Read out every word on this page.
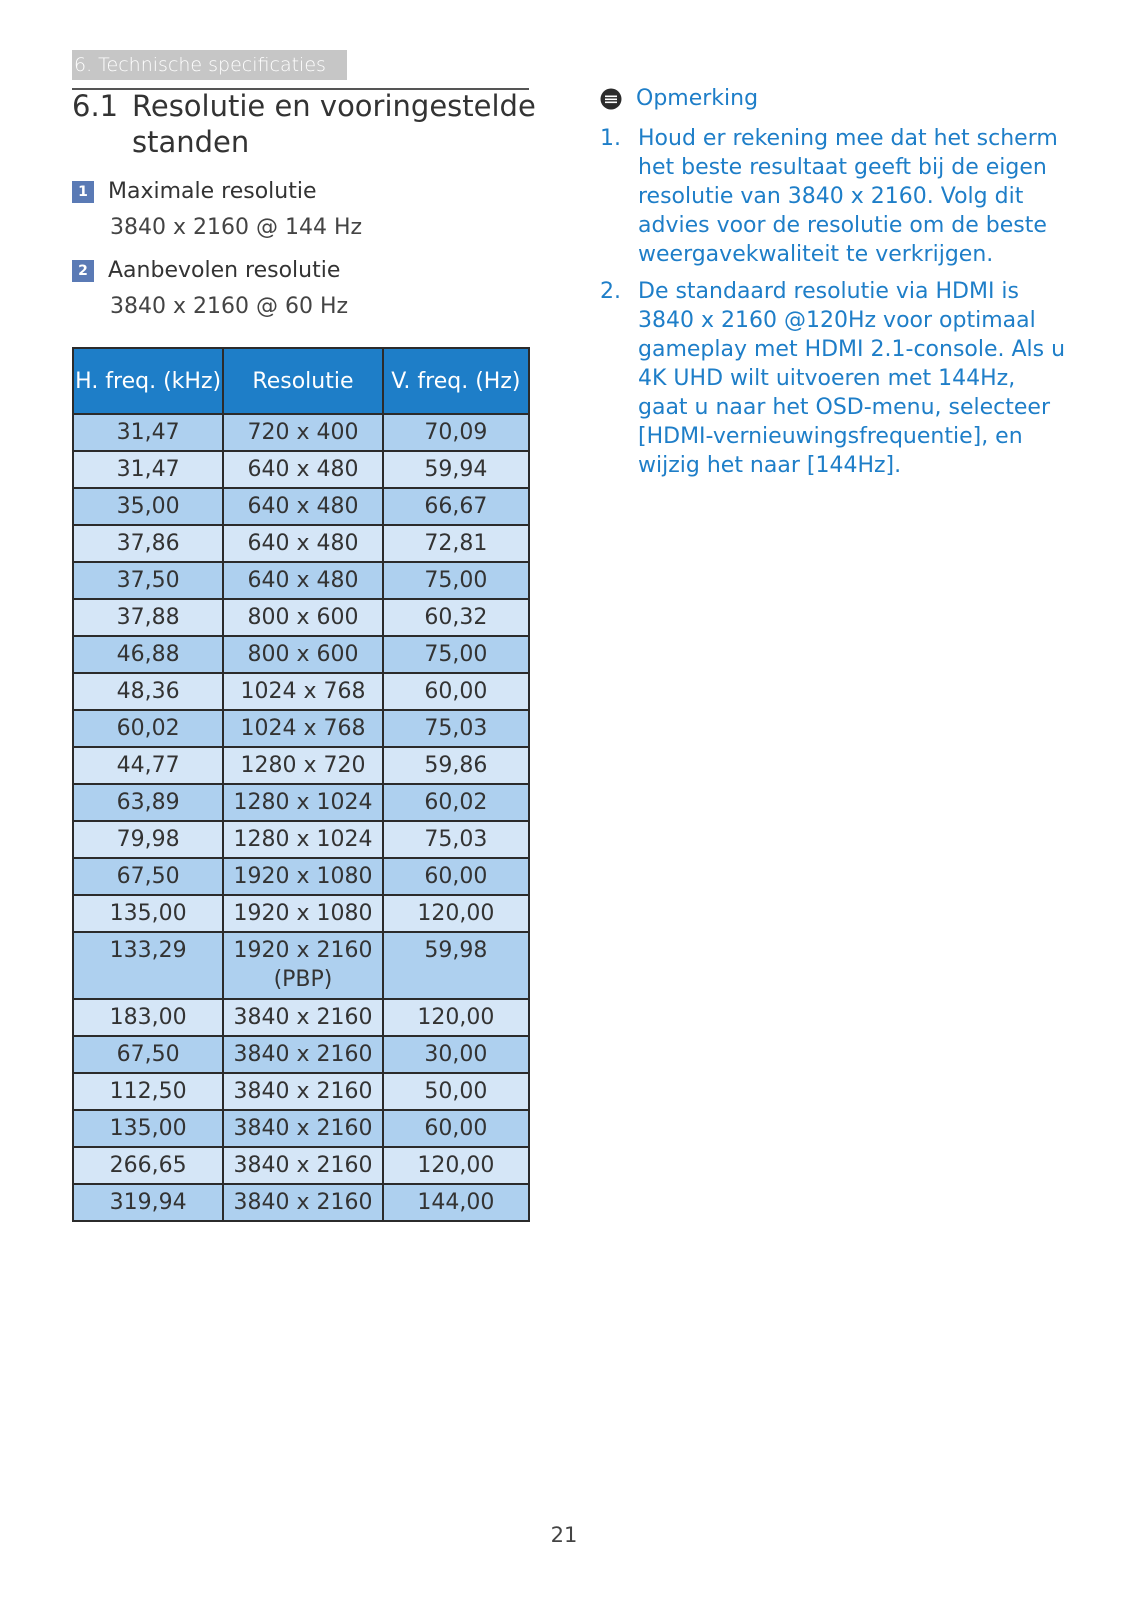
6. Technische specificaties
6.1 Resolutie en vooringestelde standen
1 Maximale resolutie
3840 x 2160 @ 144 Hz
2 Aanbevolen resolutie
3840 x 2160 @ 60 Hz
H. freq. (kHz)	Resolutie	V. freq. (Hz)
31,47	720 x 400	70,09
31,47	640 x 480	59,94
35,00	640 x 480	66,67
37,86	640 x 480	72,81
37,50	640 x 480	75,00
37,88	800 x 600	60,32
46,88	800 x 600	75,00
48,36	1024 x 768	60,00
60,02	1024 x 768	75,03
44,77	1280 x 720	59,86
63,89	1280 x 1024	60,02
79,98	1280 x 1024	75,03
67,50	1920 x 1080	60,00
135,00	1920 x 1080	120,00
133,29	1920 x 2160 (PBP)	59,98
183,00	3840 x 2160	120,00
67,50	3840 x 2160	30,00
112,50	3840 x 2160	50,00
135,00	3840 x 2160	60,00
266,65	3840 x 2160	120,00
319,94	3840 x 2160	144,00
Opmerking
1. Houd er rekening mee dat het scherm het beste resultaat geeft bij de eigen resolutie van 3840 x 2160. Volg dit advies voor de resolutie om de beste weergavekwaliteit te verkrijgen.
2. De standaard resolutie via HDMI is 3840 x 2160 @120Hz voor optimaal gameplay met HDMI 2.1-console. Als u 4K UHD wilt uitvoeren met 144Hz, gaat u naar het OSD-menu, selecteer [HDMI-vernieuwingsfrequentie], en wijzig het naar [144Hz].
21
